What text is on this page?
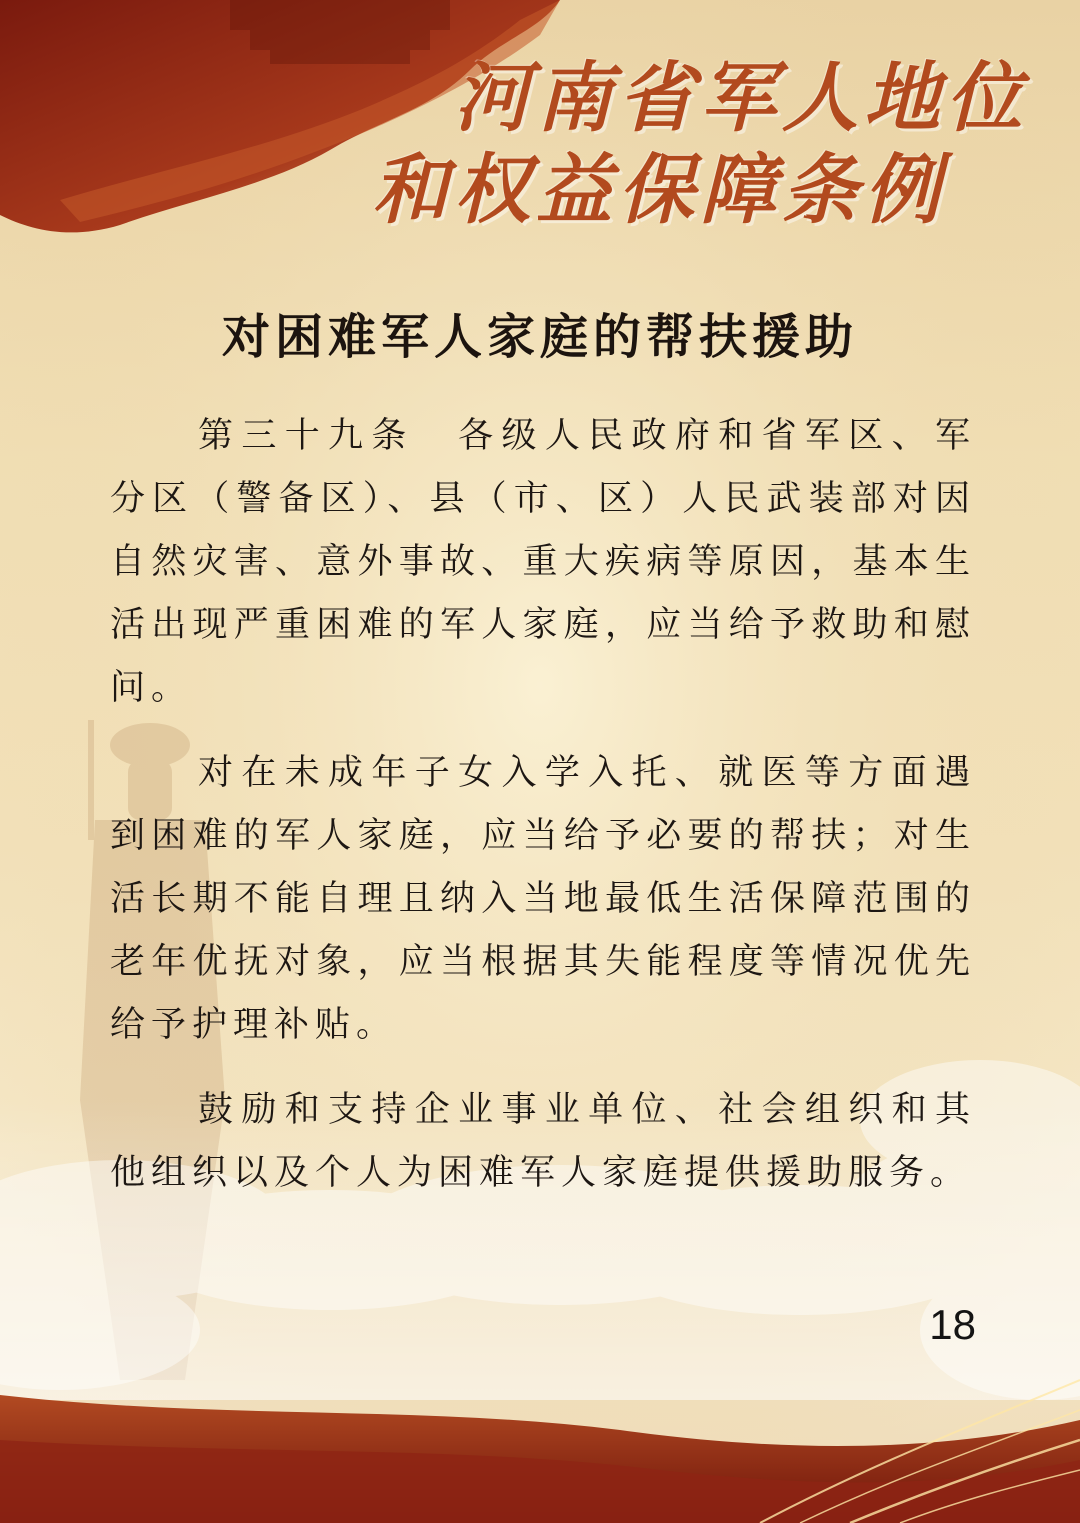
河南省军人地位
和权益保障条例
对困难军人家庭的帮扶援助

第三十九条　各级人民政府和省军区、军分区（警备区）、县（市、区）人民武装部对因自然灾害、意外事故、重大疾病等原因，基本生活出现严重困难的军人家庭，应当给予救助和慰问。

对在未成年子女入学入托、就医等方面遇到困难的军人家庭，应当给予必要的帮扶；对生活长期不能自理且纳入当地最低生活保障范围的老年优抚对象，应当根据其失能程度等情况优先给予护理补贴。

鼓励和支持企业事业单位、社会组织和其他组织以及个人为困难军人家庭提供援助服务。

18
